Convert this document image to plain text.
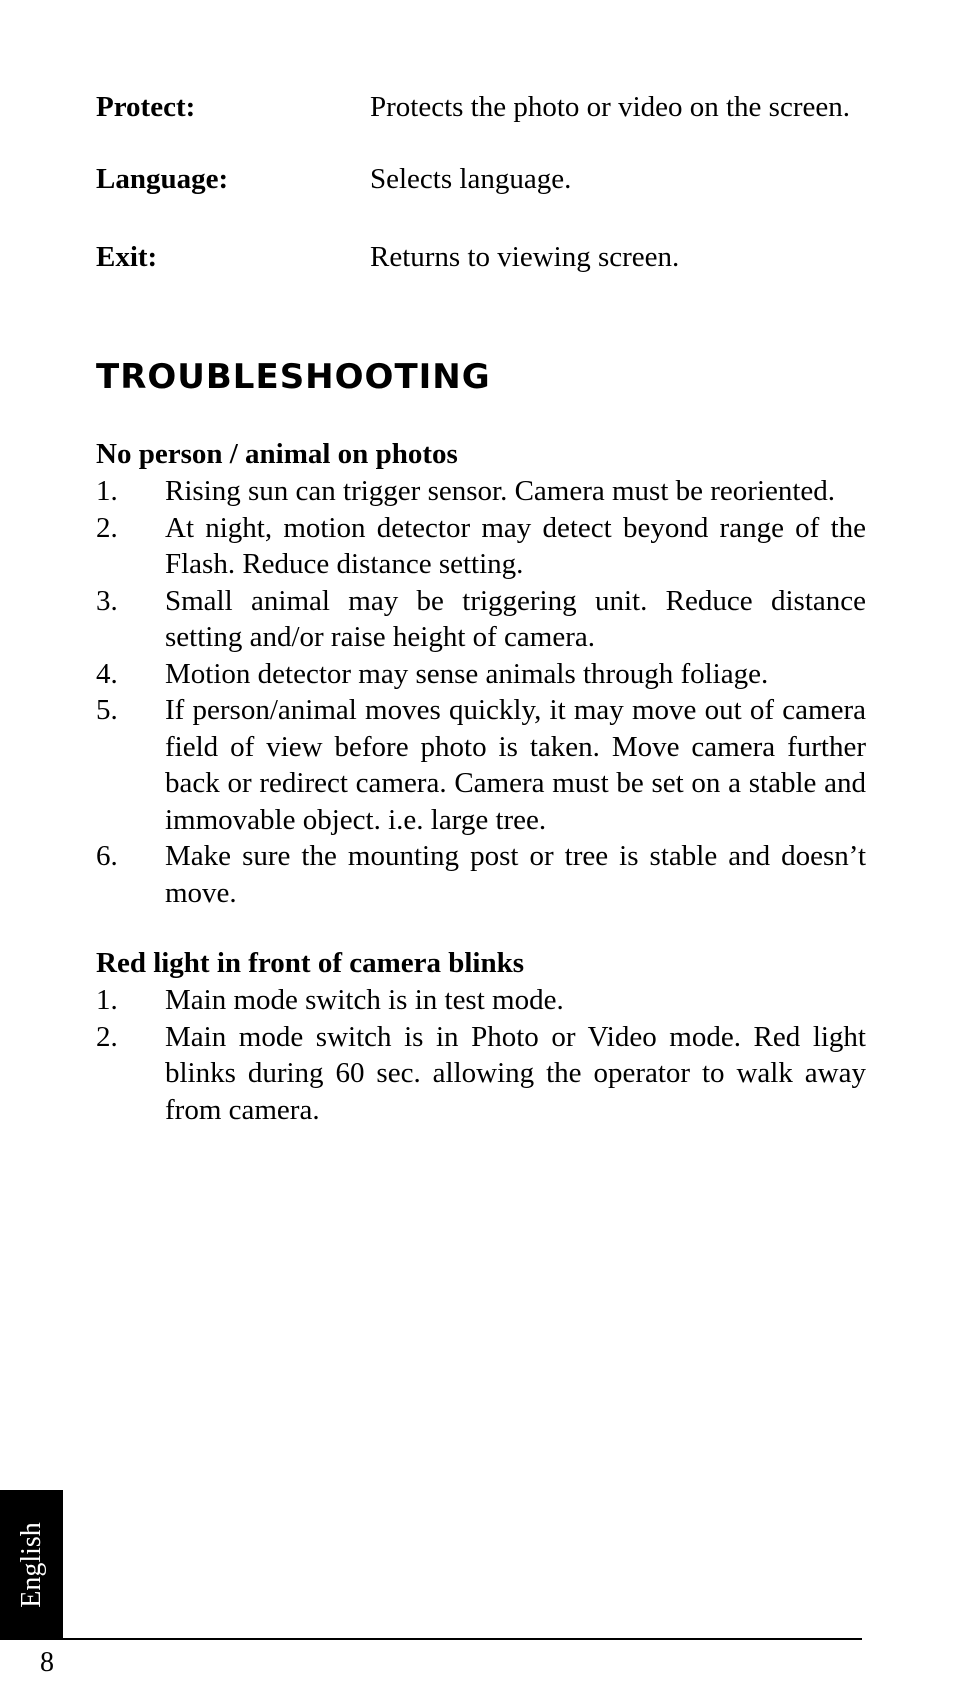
Protect:	Protects the photo or video on the screen.
Language:	Selects language.
Exit:	Returns to viewing screen.
TROUBLESHOOTING
No person / animal on photos
1. Rising sun can trigger sensor. Camera must be reoriented.
2. At night, motion detector may detect beyond range of the Flash. Reduce distance setting.
3. Small animal may be triggering unit. Reduce distance setting and/or raise height of camera.
4. Motion detector may sense animals through foliage.
5. If person/animal moves quickly, it may move out of camera field of view before photo is taken. Move camera further back or redirect camera. Camera must be set on a stable and immovable object. i.e. large tree.
6. Make sure the mounting post or tree is stable and doesn’t move.
Red light in front of camera blinks
1. Main mode switch is in test mode.
2. Main mode switch is in Photo or Video mode. Red light blinks during 60 sec. allowing the operator to walk away from camera.
English
8
